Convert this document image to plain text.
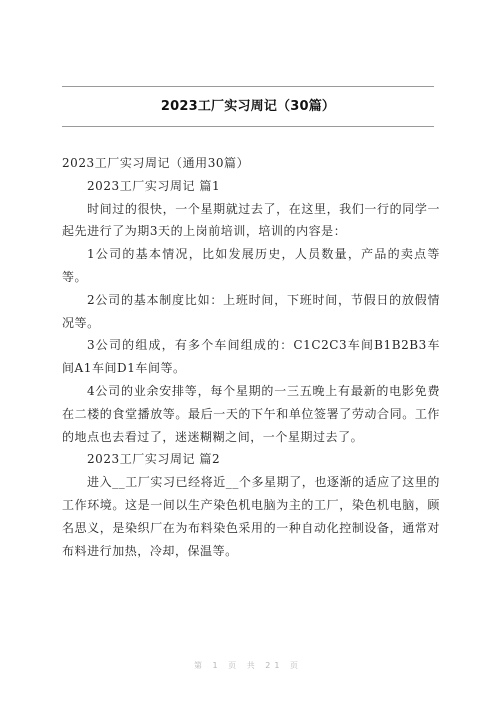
2023工厂实习周记（30篇）

2023工厂实习周记（通用30篇）

2023工厂实习周记 篇1

时间过的很快，一个星期就过去了，在这里，我们一行的同学一起先进行了为期3天的上岗前培训，培训的内容是：

1公司的基本情况，比如发展历史，人员数量，产品的卖点等等。

2公司的基本制度比如：上班时间，下班时间，节假日的放假情况等。

3公司的组成，有多个车间组成的：C1C2C3车间B1B2B3车间A1车间D1车间等。

4公司的业余安排等，每个星期的一三五晚上有最新的电影免费在二楼的食堂播放等。最后一天的下午和单位签署了劳动合同。工作的地点也去看过了，迷迷糊糊之间，一个星期过去了。

2023工厂实习周记 篇2

进入__工厂实习已经将近__个多星期了，也逐渐的适应了这里的工作环境。这是一间以生产染色机电脑为主的工厂，染色机电脑，顾名思义，是染织厂在为布料染色采用的一种自动化控制设备，通常对布料进行加热，冷却，保温等。

第 1 页 共 21 页
